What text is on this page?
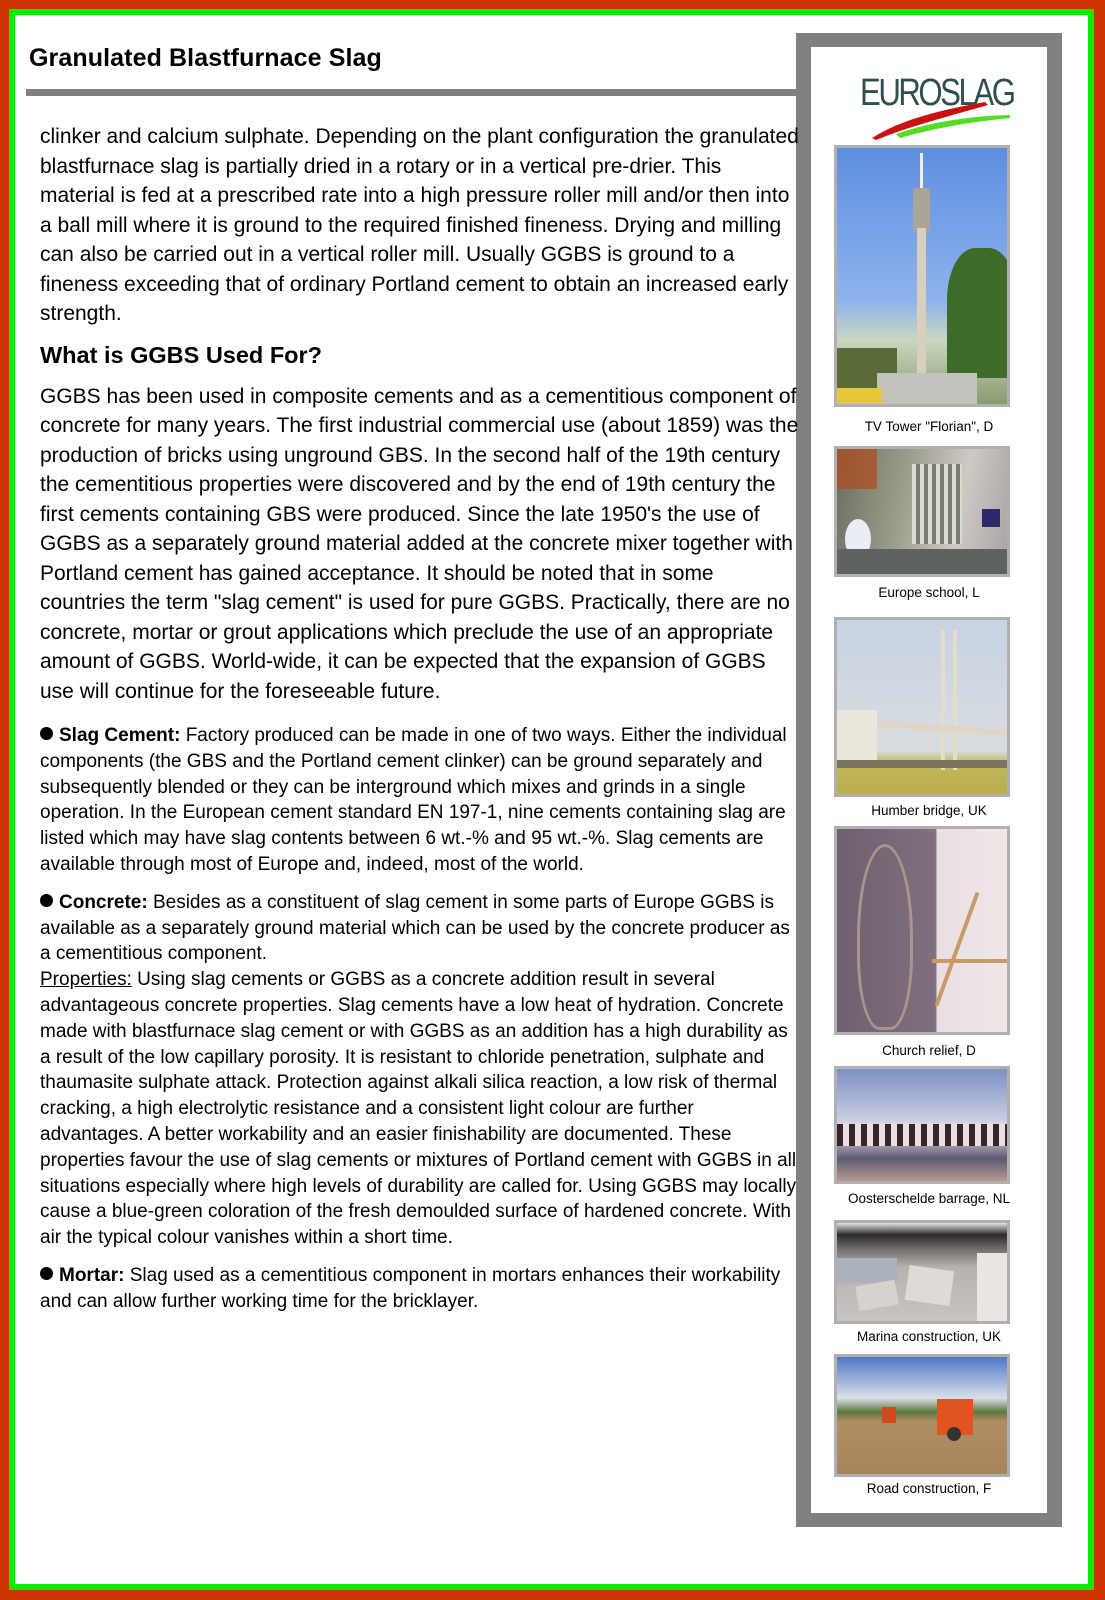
Granulated Blastfurnace Slag
EUROSLAG

clinker and calcium sulphate. Depending on the plant configuration the granulated blastfurnace slag is partially dried in a rotary or in a vertical pre-drier. This material is fed at a prescribed rate into a high pressure roller mill and/or then into a ball mill where it is ground to the required finished fineness. Drying and milling can also be carried out in a vertical roller mill. Usually GGBS is ground to a fineness exceeding that of ordinary Portland cement to obtain an increased early strength.

What is GGBS Used For?

GGBS has been used in composite cements and as a cementitious component of concrete for many years. The first industrial commercial use (about 1859) was the production of bricks using unground GBS. In the second half of the 19th century the cementitious properties were discovered and by the end of 19th century the first cements containing GBS were produced. Since the late 1950's the use of GGBS as a separately ground material added at the concrete mixer together with Portland cement has gained acceptance. It should be noted that in some countries the term "slag cement" is used for pure GGBS. Practically, there are no concrete, mortar or grout applications which preclude the use of an appropriate amount of GGBS. World-wide, it can be expected that the expansion of GGBS use will continue for the foreseeable future.

Slag Cement: Factory produced can be made in one of two ways. Either the individual components (the GBS and the Portland cement clinker) can be ground separately and subsequently blended or they can be interground which mixes and grinds in a single operation. In the European cement standard EN 197-1, nine cements containing slag are listed which may have slag contents between 6 wt.-% and 95 wt.-%. Slag cements are available through most of Europe and, indeed, most of the world.

Concrete: Besides as a constituent of slag cement in some parts of Europe GGBS is available as a separately ground material which can be used by the concrete producer as a cementitious component.
Properties: Using slag cements or GGBS as a concrete addition result in several advantageous concrete properties. Slag cements have a low heat of hydration. Concrete made with blastfurnace slag cement or with GGBS as an addition has a high durability as a result of the low capillary porosity. It is resistant to chloride penetration, sulphate and thaumasite sulphate attack. Protection against alkali silica reaction, a low risk of thermal cracking, a high electrolytic resistance and a consistent light colour are further advantages. A better workability and an easier finishability are documented. These properties favour the use of slag cements or mixtures of Portland cement with GGBS in all situations especially where high levels of durability are called for. Using GGBS may locally cause a blue-green coloration of the fresh demoulded surface of hardened concrete. With air the typical colour vanishes within a short time.

Mortar: Slag used as a cementitious component in mortars enhances their workability and can allow further working time for the bricklayer.

TV Tower "Florian", D
Europe school, L
Humber bridge, UK
Church relief, D
Oosterschelde barrage, NL
Marina construction, UK
Road construction, F
